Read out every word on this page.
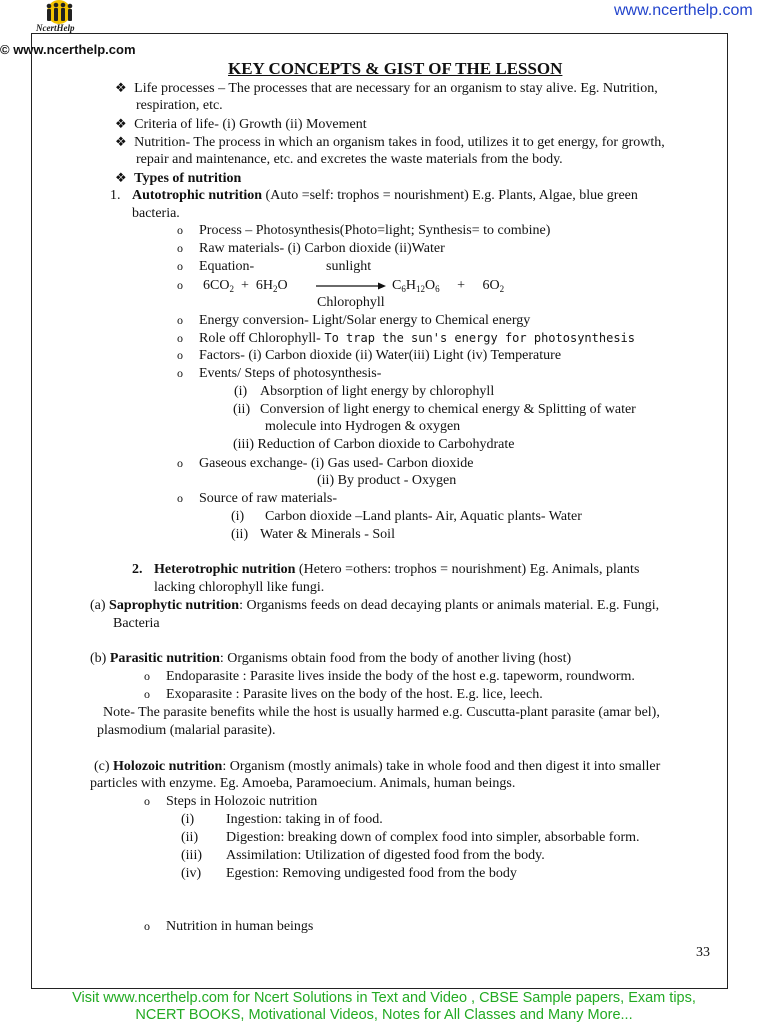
NcertHelp
www.ncerthelp.com
© www.ncerthelp.com
KEY CONCEPTS & GIST OF THE LESSON
❖ Life processes – The processes that are necessary for an organism to stay alive. Eg. Nutrition,
respiration, etc.
❖ Criteria of life- (i) Growth (ii) Movement
❖ Nutrition- The process in which an organism takes in food, utilizes it to get energy, for growth,
repair and maintenance, etc. and excretes the waste materials from the body.
❖ Types of nutrition
1. Autotrophic nutrition (Auto =self: trophos = nourishment) E.g. Plants, Algae, blue green
bacteria.
o Process – Photosynthesis(Photo=light; Synthesis= to combine)
o Raw materials- (i) Carbon dioxide (ii)Water
o Equation-	sunlight
o $6CO_2 + 6H_2O$	$C_6H_{12}O_6$     +     $6O_2$
Chlorophyll
o Energy conversion- Light/Solar energy to Chemical energy
o Role off Chlorophyll- To trap the sun's energy for photosynthesis
o Factors- (i) Carbon dioxide (ii) Water(iii) Light (iv) Temperature
o Events/ Steps of photosynthesis-
(i) Absorption of light energy by chlorophyll
(ii) Conversion of light energy to chemical energy & Splitting of water
molecule into Hydrogen & oxygen
(iii) Reduction of Carbon dioxide to Carbohydrate
o Gaseous exchange- (i) Gas used- Carbon dioxide
(ii) By product - Oxygen
o Source of raw materials-
(i) Carbon dioxide –Land plants- Air, Aquatic plants- Water
(ii) Water & Minerals - Soil
2. Heterotrophic nutrition (Hetero =others: trophos = nourishment) Eg. Animals, plants
lacking chlorophyll like fungi.
(a) Saprophytic nutrition: Organisms feeds on dead decaying plants or animals material. E.g. Fungi,
Bacteria
(b) Parasitic nutrition: Organisms obtain food from the body of another living (host)
o Endoparasite : Parasite lives inside the body of the host e.g. tapeworm, roundworm.
o Exoparasite : Parasite lives on the body of the host. E.g. lice, leech.
Note- The parasite benefits while the host is usually harmed e.g. Cuscutta-plant parasite (amar bel),
plasmodium (malarial parasite).
(c) Holozoic nutrition: Organism (mostly animals) take in whole food and then digest it into smaller
particles with enzyme. Eg. Amoeba, Paramoecium. Animals, human beings.
o Steps in Holozoic nutrition
(i) Ingestion: taking in of food.
(ii) Digestion: breaking down of complex food into simpler, absorbable form.
(iii) Assimilation: Utilization of digested food from the body.
(iv) Egestion: Removing undigested food from the body
o Nutrition in human beings
33
Visit www.ncerthelp.com for Ncert Solutions in Text and Video , CBSE Sample papers, Exam tips,
NCERT BOOKS, Motivational Videos, Notes for All Classes and Many More...
